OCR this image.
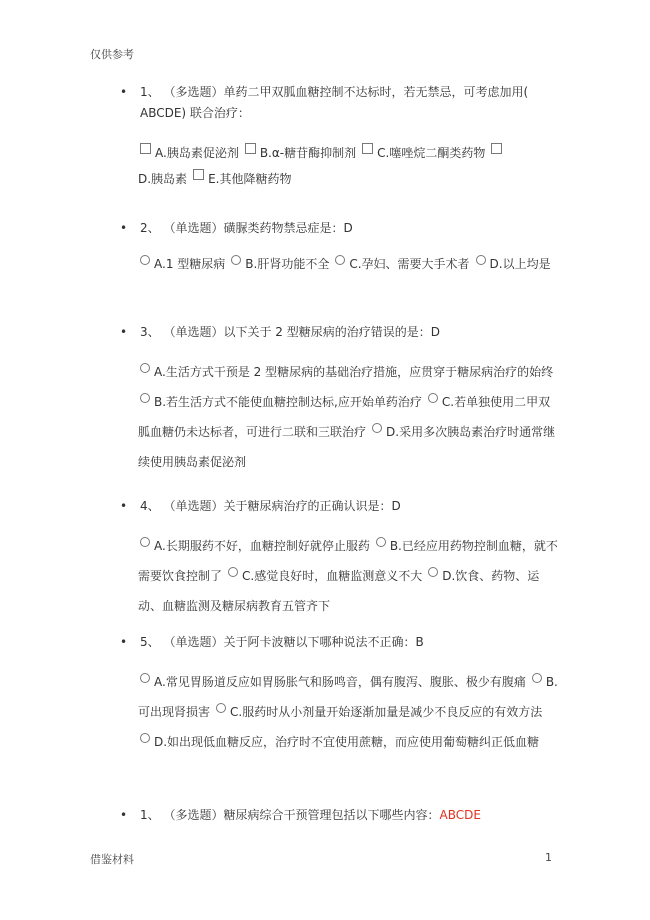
仅供参考
•	1、 （多选题）单药二甲双胍血糖控制不达标时，若无禁忌，可考虑加用( ABCDE) 联合治疗：
A.胰岛素促泌剂 B.α-糖苷酶抑制剂 C.噻唑烷二酮类药物
D.胰岛素 E.其他降糖药物
•	2、 （单选题）磺脲类药物禁忌症是：D
A.1 型糖尿病 B.肝肾功能不全 C.孕妇、需要大手术者 D.以上均是
•	3、 （单选题）以下关于 2 型糖尿病的治疗错误的是：D
A.生活方式干预是 2 型糖尿病的基础治疗措施，应贯穿于糖尿病治疗的始终B.若生活方式不能使血糖控制达标,应开始单药治疗 C.若单独使用二甲双胍血糖仍未达标者，可进行二联和三联治疗 D.采用多次胰岛素治疗时通常继续使用胰岛素促泌剂
•	4、 （单选题）关于糖尿病治疗的正确认识是：D
A.长期服药不好，血糖控制好就停止服药 B.已经应用药物控制血糖，就不需要饮食控制了 C.感觉良好时，血糖监测意义不大 D.饮食、药物、运动、血糖监测及糖尿病教育五管齐下
•	5、 （单选题）关于阿卡波糖以下哪种说法不正确：B
A.常见胃肠道反应如胃肠胀气和肠鸣音，偶有腹泻、腹胀、极少有腹痛 B.可出现肾损害 C.服药时从小剂量开始逐渐加量是减少不良反应的有效方法D.如出现低血糖反应，治疗时不宜使用蔗糖，而应使用葡萄糖纠正低血糖
•	1、 （多选题）糖尿病综合干预管理包括以下哪些内容：ABCDE
借鉴材料	1
